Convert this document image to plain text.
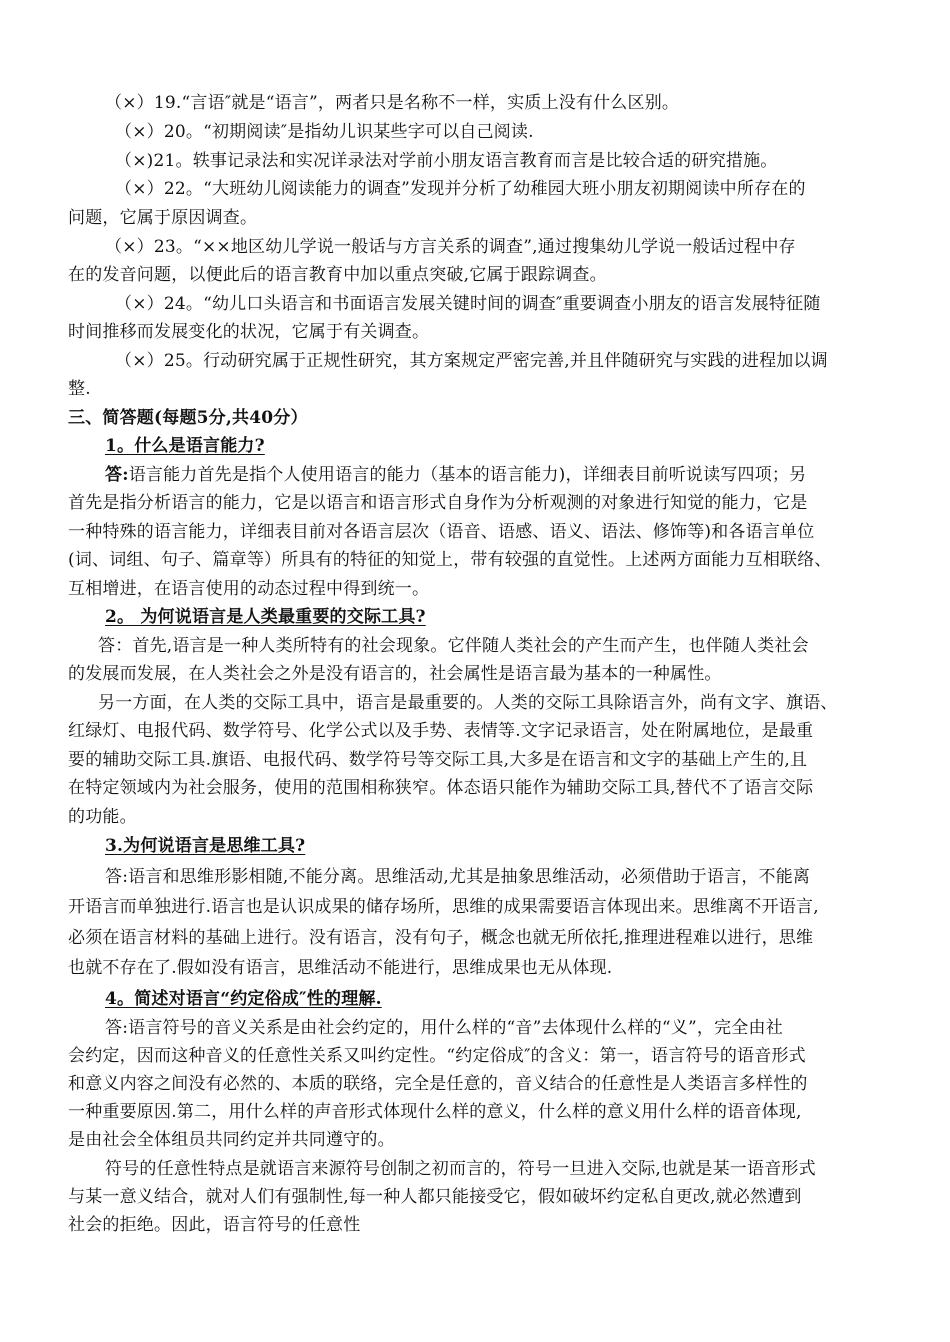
（×）19.“言语″就是“语言”，两者只是名称不一样，实质上没有什么区别。
（×）20。“初期阅读″是指幼儿识某些字可以自己阅读.
（×)21。轶事记录法和实况详录法对学前小朋友语言教育而言是比较合适的研究措施。
（×）22。“大班幼儿阅读能力的调查”发现并分析了幼稚园大班小朋友初期阅读中所存在的
问题，它属于原因调查。
（×）23。“××地区幼儿学说一般话与方言关系的调查”,通过搜集幼儿学说一般话过程中存
在的发音问题，以便此后的语言教育中加以重点突破,它属于跟踪调查。
（×）24。“幼儿口头语言和书面语言发展关键时间的调查″重要调查小朋友的语言发展特征随
时间推移而发展变化的状况，它属于有关调查。
（×）25。行动研究属于正规性研究，其方案规定严密完善,并且伴随研究与实践的进程加以调
整.
三、简答题(每题5分,共40分）
1。什么是语言能力?
答:语言能力首先是指个人使用语言的能力（基本的语言能力)，详细表目前听说读写四项；另
首先是指分析语言的能力，它是以语言和语言形式自身作为分析观测的对象进行知觉的能力，它是
一种特殊的语言能力，详细表目前对各语言层次（语音、语感、语义、语法、修饰等)和各语言单位
(词、词组、句子、篇章等）所具有的特征的知觉上，带有较强的直觉性。上述两方面能力互相联络、
互相增进，在语言使用的动态过程中得到统一。
2。 为何说语言是人类最重要的交际工具?
答：首先,语言是一种人类所特有的社会现象。它伴随人类社会的产生而产生，也伴随人类社会
的发展而发展，在人类社会之外是没有语言的，社会属性是语言最为基本的一种属性。
另一方面，在人类的交际工具中，语言是最重要的。人类的交际工具除语言外，尚有文字、旗语、
红绿灯、电报代码、数学符号、化学公式以及手势、表情等.文字记录语言，处在附属地位，是最重
要的辅助交际工具.旗语、电报代码、数学符号等交际工具,大多是在语言和文字的基础上产生的,且
在特定领域内为社会服务，使用的范围相称狭窄。体态语只能作为辅助交际工具,替代不了语言交际
的功能。
3.为何说语言是思维工具?
答:语言和思维形影相随,不能分离。思维活动,尤其是抽象思维活动，必须借助于语言，不能离
开语言而单独进行.语言也是认识成果的储存场所，思维的成果需要语言体现出来。思维离不开语言,
必须在语言材料的基础上进行。没有语言，没有句子，概念也就无所依托,推理进程难以进行，思维
也就不存在了.假如没有语言，思维活动不能进行，思维成果也无从体现.
4。简述对语言“约定俗成″性的理解.
答:语言符号的音义关系是由社会约定的，用什么样的“音”去体现什么样的“义”，完全由社
会约定，因而这种音义的任意性关系又叫约定性。“约定俗成″的含义：第一，语言符号的语音形式
和意义内容之间没有必然的、本质的联络，完全是任意的，音义结合的任意性是人类语言多样性的
一种重要原因.第二，用什么样的声音形式体现什么样的意义，什么样的意义用什么样的语音体现,
是由社会全体组员共同约定并共同遵守的。
符号的任意性特点是就语言来源符号创制之初而言的，符号一旦进入交际,也就是某一语音形式
与某一意义结合，就对人们有强制性,每一种人都只能接受它，假如破坏约定私自更改,就必然遭到
社会的拒绝。因此，语言符号的任意性
